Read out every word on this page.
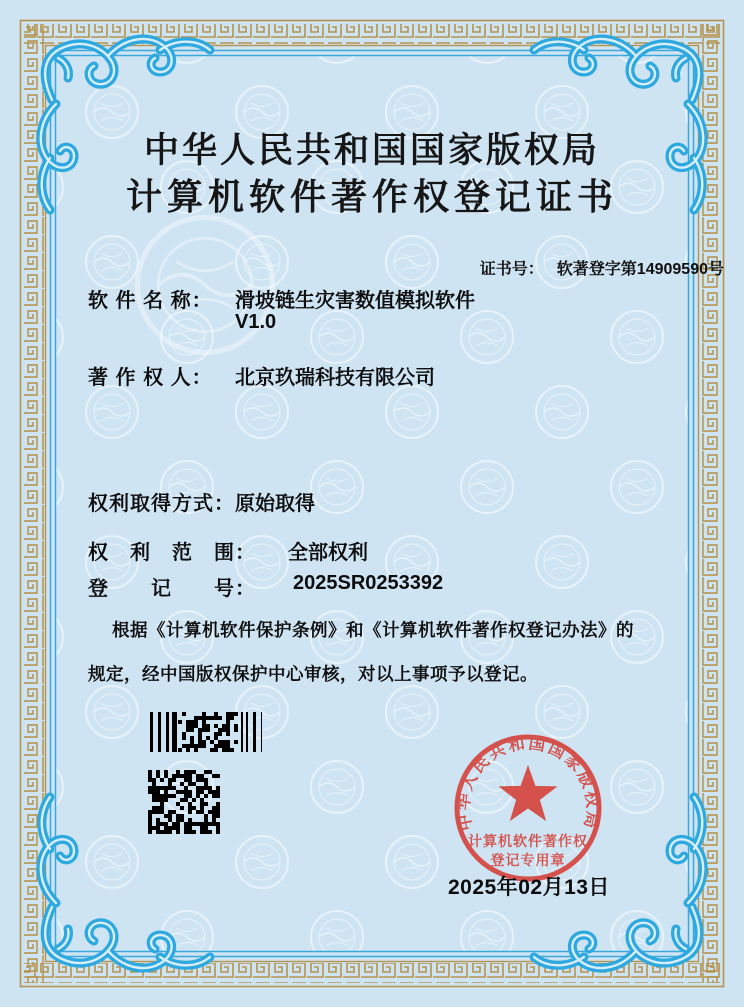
中华人民共和国国家版权局
计算机软件著作权登记证书

证书号： 软著登字第14909590号

软 件 名 称： 滑坡链生灾害数值模拟软件
V1.0
著 作 权 人： 北京玖瑞科技有限公司
权利取得方式： 原始取得
权　利　范　围： 全部权利
登　　记　　号： 2025SR0253392
根据《计算机软件保护条例》和《计算机软件著作权登记办法》的
规定，经中国版权保护中心审核，对以上事项予以登记。
中华人民共和国国家版权局
计算机软件著作权
登记专用章
2025年02月13日
